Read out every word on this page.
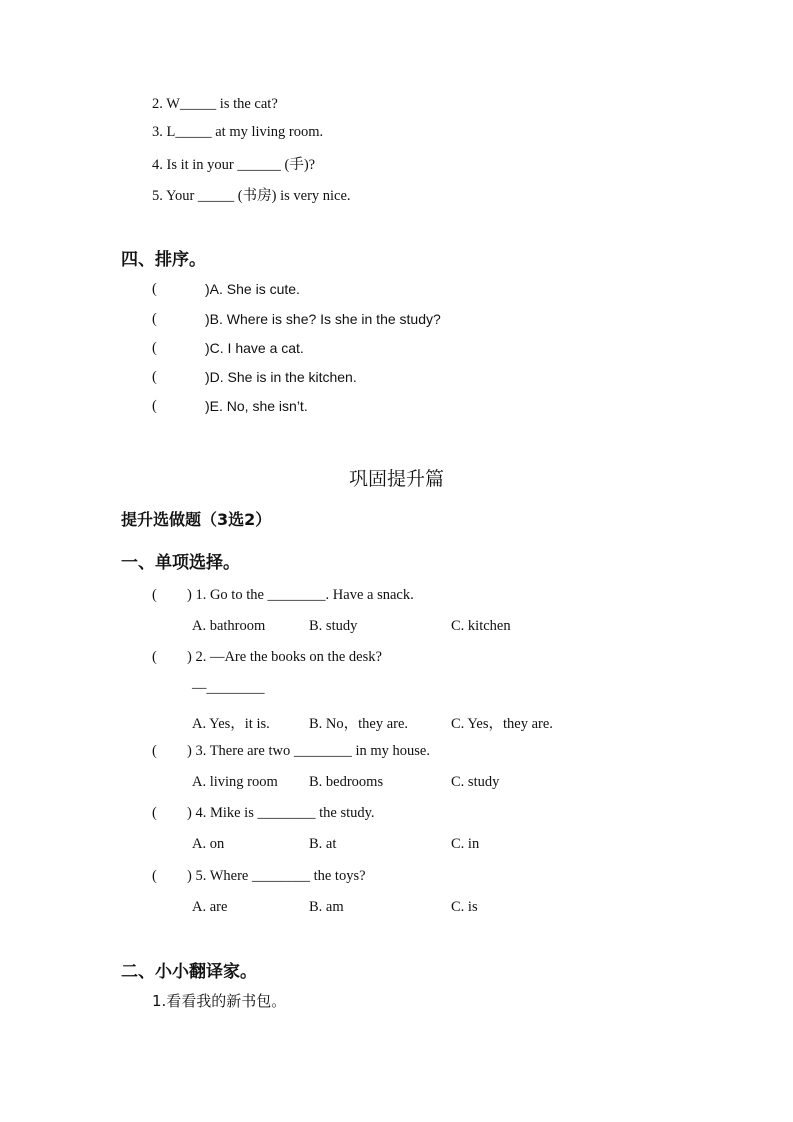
2. W_____ is the cat?
3. L_____ at my living room.
4. Is it in your ______ (手)?
5. Your _____ (书房) is very nice.
四、排序。
(	)A. She is cute.
(	)B. Where is she? Is she in the study?
(	)C. I have a cat.
(	)D. She is in the kitchen.
(	)E. No, she isn’t.
巩固提升篇
提升选做题（3选2）
一、单项选择。
( ) 1. Go to the ________. Have a snack.
A. bathroom	B. study	C. kitchen
( ) 2. —Are the books on the desk?
—________
A. Yes，it is.	B. No，they are.	C. Yes，they are.
( ) 3. There are two ________ in my house.
A. living room B. bedrooms	C. study
( ) 4. Mike is ________ the study.
A. on	B. at	C. in
( ) 5. Where ________ the toys?
A. are	B. am	C. is
二、小小翻译家。
1.看看我的新书包。
